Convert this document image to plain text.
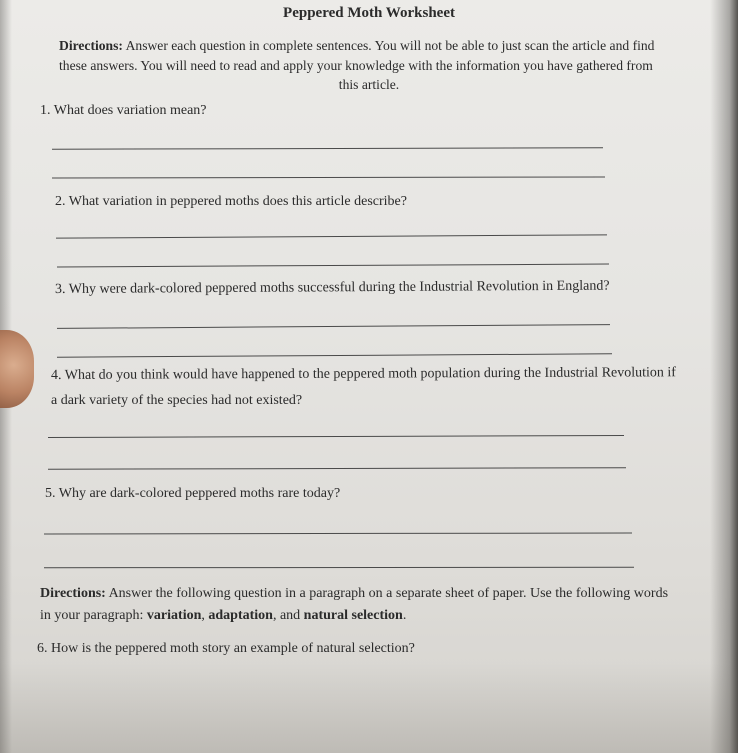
Peppered Moth Worksheet
Directions: Answer each question in complete sentences. You will not be able to just scan the article and find
these answers. You will need to read and apply your knowledge with the information you have gathered from
this article.
1. What does variation mean?
2. What variation in peppered moths does this article describe?
3. Why were dark-colored peppered moths successful during the Industrial Revolution in England?
4. What do you think would have happened to the peppered moth population during the Industrial Revolution if
a dark variety of the species had not existed?
5. Why are dark-colored peppered moths rare today?
Directions: Answer the following question in a paragraph on a separate sheet of paper. Use the following words
in your paragraph: variation, adaptation, and natural selection.
6. How is the peppered moth story an example of natural selection?
